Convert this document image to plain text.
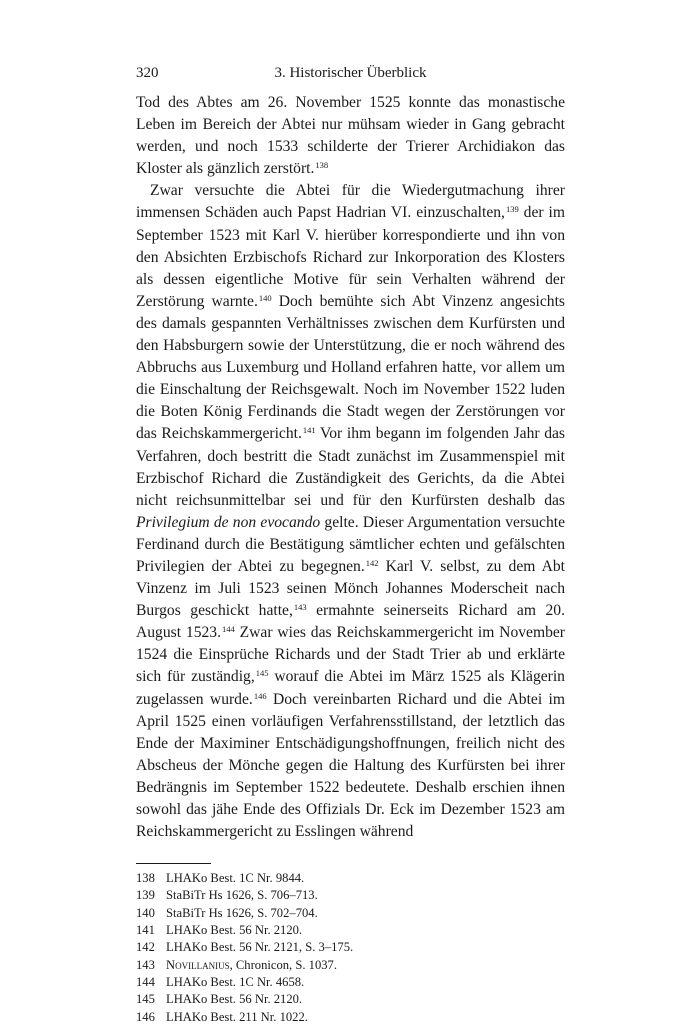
320	3. Historischer Überblick

Tod des Abtes am 26. November 1525 konnte das monastische Leben im Bereich der Abtei nur mühsam wieder in Gang gebracht werden, und noch 1533 schilderte der Trierer Archidiakon das Kloster als gänzlich zerstört.$^{138}$

Zwar versuchte die Abtei für die Wiedergutmachung ihrer immensen Schäden auch Papst Hadrian VI. einzuschalten,$^{139}$ der im September 1523 mit Karl V. hierüber korrespondierte und ihn von den Absichten Erzbischofs Richard zur Inkorporation des Klosters als dessen eigentliche Motive für sein Verhalten während der Zerstörung warnte.$^{140}$ Doch bemühte sich Abt Vinzenz angesichts des damals gespannten Verhältnisses zwischen dem Kurfürsten und den Habsburgern sowie der Unterstützung, die er noch während des Abbruchs aus Luxemburg und Holland erfahren hatte, vor allem um die Einschaltung der Reichsgewalt. Noch im November 1522 luden die Boten König Ferdinands die Stadt wegen der Zerstörungen vor das Reichskammergericht.$^{141}$ Vor ihm begann im folgenden Jahr das Verfahren, doch bestritt die Stadt zunächst im Zusammenspiel mit Erzbischof Richard die Zuständigkeit des Gerichts, da die Abtei nicht reichsunmittelbar sei und für den Kurfürsten deshalb das Privilegium de non evocando gelte. Dieser Argumentation versuchte Ferdinand durch die Bestätigung sämtlicher echten und gefälschten Privilegien der Abtei zu begegnen.$^{142}$ Karl V. selbst, zu dem Abt Vinzenz im Juli 1523 seinen Mönch Johannes Moderscheit nach Burgos geschickt hatte,$^{143}$ ermahnte seinerseits Richard am 20. August 1523.$^{144}$ Zwar wies das Reichskammergericht im November 1524 die Einsprüche Richards und der Stadt Trier ab und erklärte sich für zuständig,$^{145}$ worauf die Abtei im März 1525 als Klägerin zugelassen wurde.$^{146}$ Doch vereinbarten Richard und die Abtei im April 1525 einen vorläufigen Verfahrensstillstand, der letztlich das Ende der Maximiner Entschädigungshoffnungen, freilich nicht des Abscheus der Mönche gegen die Haltung des Kurfürsten bei ihrer Bedrängnis im September 1522 bedeutete. Deshalb erschien ihnen sowohl das jähe Ende des Offizials Dr. Eck im Dezember 1523 am Reichskammergericht zu Esslingen während

138 LHAKo Best. 1C Nr. 9844.
139 StaBiTr Hs 1626, S. 706–713.
140 StaBiTr Hs 1626, S. 702–704.
141 LHAKo Best. 56 Nr. 2120.
142 LHAKo Best. 56 Nr. 2121, S. 3–175.
143 Novillanius, Chronicon, S. 1037.
144 LHAKo Best. 1C Nr. 4658.
145 LHAKo Best. 56 Nr. 2120.
146 LHAKo Best. 211 Nr. 1022.
